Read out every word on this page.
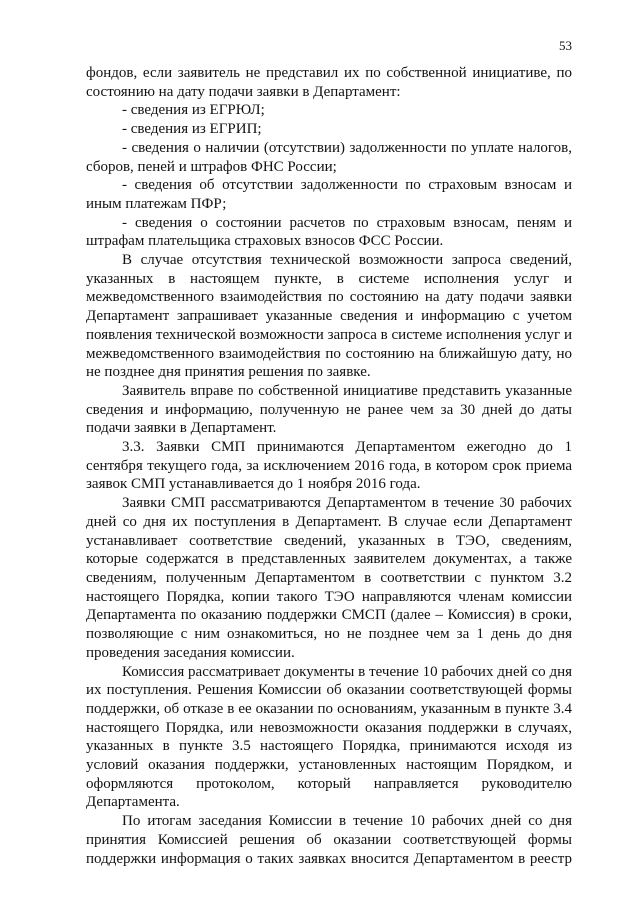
53

фондов, если заявитель не представил их по собственной инициативе, по состоянию на дату подачи заявки в Департамент:

- сведения из ЕГРЮЛ;

- сведения из ЕГРИП;

- сведения о наличии (отсутствии) задолженности по уплате налогов, сборов, пеней и штрафов ФНС России;

- сведения об отсутствии задолженности по страховым взносам и иным платежам ПФР;

- сведения о состоянии расчетов по страховым взносам, пеням и штрафам плательщика страховых взносов ФСС России.

В случае отсутствия технической возможности запроса сведений, указанных в настоящем пункте, в системе исполнения услуг и межведомственного взаимодействия по состоянию на дату подачи заявки Департамент запрашивает указанные сведения и информацию с учетом появления технической возможности запроса в системе исполнения услуг и межведомственного взаимодействия по состоянию на ближайшую дату, но не позднее дня принятия решения по заявке.

Заявитель вправе по собственной инициативе представить указанные сведения и информацию, полученную не ранее чем за 30 дней до даты подачи заявки в Департамент.

3.3. Заявки СМП принимаются Департаментом ежегодно до 1 сентября текущего года, за исключением 2016 года, в котором срок приема заявок СМП устанавливается до 1 ноября 2016 года.

Заявки СМП рассматриваются Департаментом в течение 30 рабочих дней со дня их поступления в Департамент. В случае если Департамент устанавливает соответствие сведений, указанных в ТЭО, сведениям, которые содержатся в представленных заявителем документах, а также сведениям, полученным Департаментом в соответствии с пунктом 3.2 настоящего Порядка, копии такого ТЭО направляются членам комиссии Департамента по оказанию поддержки СМСП (далее – Комиссия) в сроки, позволяющие с ним ознакомиться, но не позднее чем за 1 день до дня проведения заседания комиссии.

Комиссия рассматривает документы в течение 10 рабочих дней со дня их поступления. Решения Комиссии об оказании соответствующей формы поддержки, об отказе в ее оказании по основаниям, указанным в пункте 3.4 настоящего Порядка, или невозможности оказания поддержки в случаях, указанных в пункте 3.5 настоящего Порядка, принимаются исходя из условий оказания поддержки, установленных настоящим Порядком, и оформляются протоколом, который направляется руководителю Департамента.

По итогам заседания Комиссии в течение 10 рабочих дней со дня принятия Комиссией решения об оказании соответствующей формы поддержки информация о таких заявках вносится Департаментом в реестр
